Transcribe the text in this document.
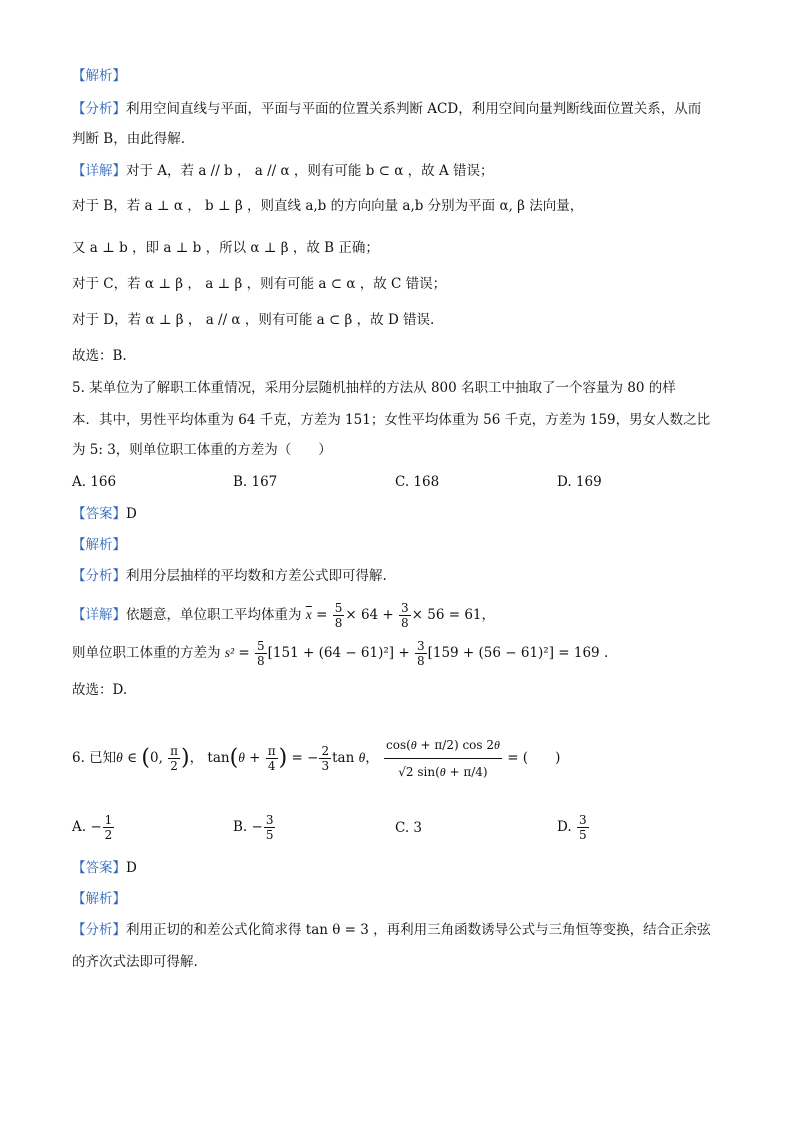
【解析】
【分析】利用空间直线与平面，平面与平面的位置关系判断 ACD，利用空间向量判断线面位置关系，从而
判断 B，由此得解.
【详解】对于 A，若 a // b ， a // α ，则有可能 b ⊂ α ，故 A 错误；
对于 B，若 a ⊥ α ， b ⊥ β ，则直线 a,b 的方向向量 a,b 分别为平面 α, β 法向量，
又 a ⊥ b ，即 a ⊥ b ，所以 α ⊥ β ，故 B 正确；
对于 C，若 α ⊥ β ， a ⊥ β ，则有可能 a ⊂ α ，故 C 错误；
对于 D，若 α ⊥ β ， a // α ，则有可能 a ⊂ β ，故 D 错误.
故选：B.
5. 某单位为了解职工体重情况，采用分层随机抽样的方法从 800 名职工中抽取了一个容量为 80 的样
本．其中，男性平均体重为 64 千克，方差为 151；女性平均体重为 56 千克，方差为 159，男女人数之比
为 5: 3，则单位职工体重的方差为（　　）
A. 166	B. 167	C. 168	D. 169
【答案】D
【解析】
【分析】利用分层抽样的平均数和方差公式即可得解.
【详解】依题意，单位职工平均体重为 $\overline{x} = \frac{5}{8} \times 64 + \frac{3}{8} \times 56 = 61$，
则单位职工体重的方差为 $s^2 = \frac{5}{8} [151 + (64 - 61)^2] + \frac{3}{8} [159 + (56 - 61)^2] = 169$ .
故选：D.
6. 已知θ ∈ (0, $\frac{\pi}{2}$ )， $\tan(\theta + \frac{\pi}{4}$ ) = − $\frac{2}{3}$ tan θ， $\frac{\cos(\theta + \pi/2) \cos 2\theta}{√2 \sin(\theta + \pi/4)}$ = (　　)
A. − $\frac{1}{2}$	B. − $\frac{3}{5}$	C. 3	D. $\frac{3}{5}$
【答案】D
【解析】
【分析】利用正切的和差公式化简求得 tan θ = 3 ，再利用三角函数诱导公式与三角恒等变换，结合正余弦
的齐次式法即可得解.
